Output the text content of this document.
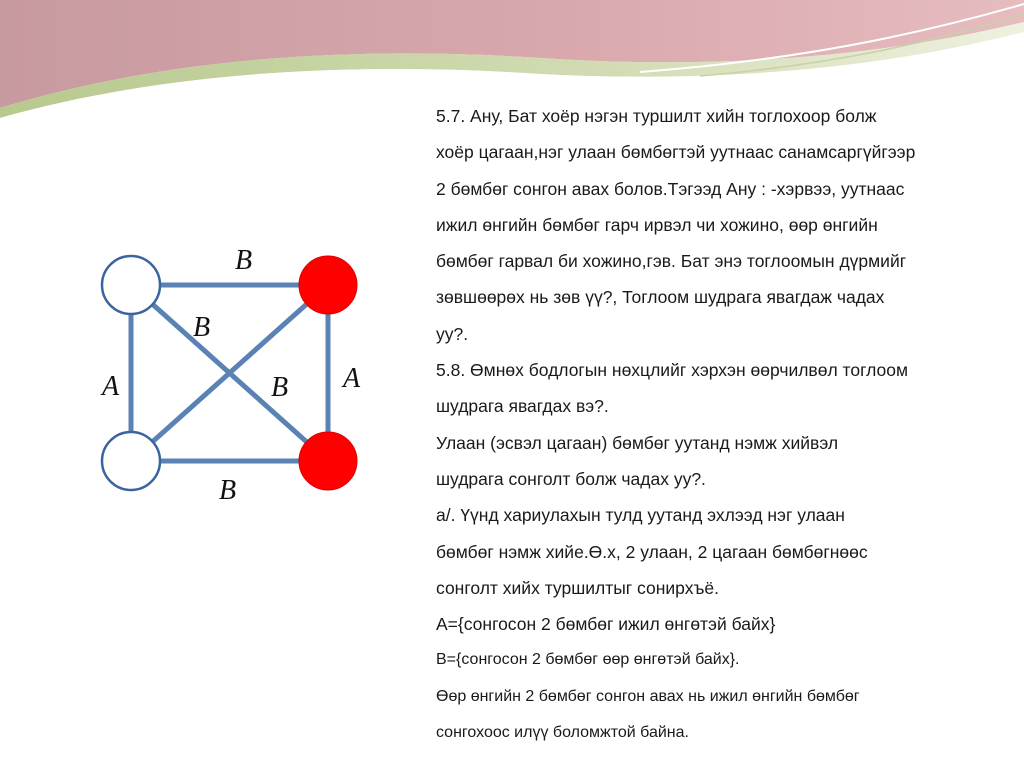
B
B
A	B A
B

5.7. Ану, Бат хоёр нэгэн туршилт хийн тоглохоор болж

хоёр цагаан,нэг улаан бөмбөгтэй уутнаас санамсаргүйгээр

2 бөмбөг сонгон авах болов.Тэгээд Ану : -хэрвээ, уутнаас

ижил өнгийн бөмбөг гарч ирвэл чи хожино, өөр өнгийн

бөмбөг гарвал би хожино,гэв. Бат энэ тоглоомын дүрмийг

зөвшөөрөх нь зөв үү?, Тоглоом шудрага явагдаж чадах

уу?.

5.8. Өмнөх бодлогын нөхцлийг хэрхэн өөрчилвөл тоглоом

шудрага явагдах вэ?.

Улаан (эсвэл цагаан) бөмбөг уутанд нэмж хийвэл

шудрага сонголт болж чадах уу?.

а/. Үүнд хариулахын тулд уутанд эхлээд нэг улаан

бөмбөг нэмж хийе.Ө.х, 2 улаан, 2 цагаан бөмбөгнөөс

сонголт хийх туршилтыг сонирхъё.

A={сонгосон 2 бөмбөг ижил өнгөтэй байх}

B={сонгосон 2 бөмбөг өөр өнгөтэй байх}.

Өөр өнгийн 2 бөмбөг сонгон авах нь ижил өнгийн бөмбөг

сонгохоос илүү боломжтой байна.
